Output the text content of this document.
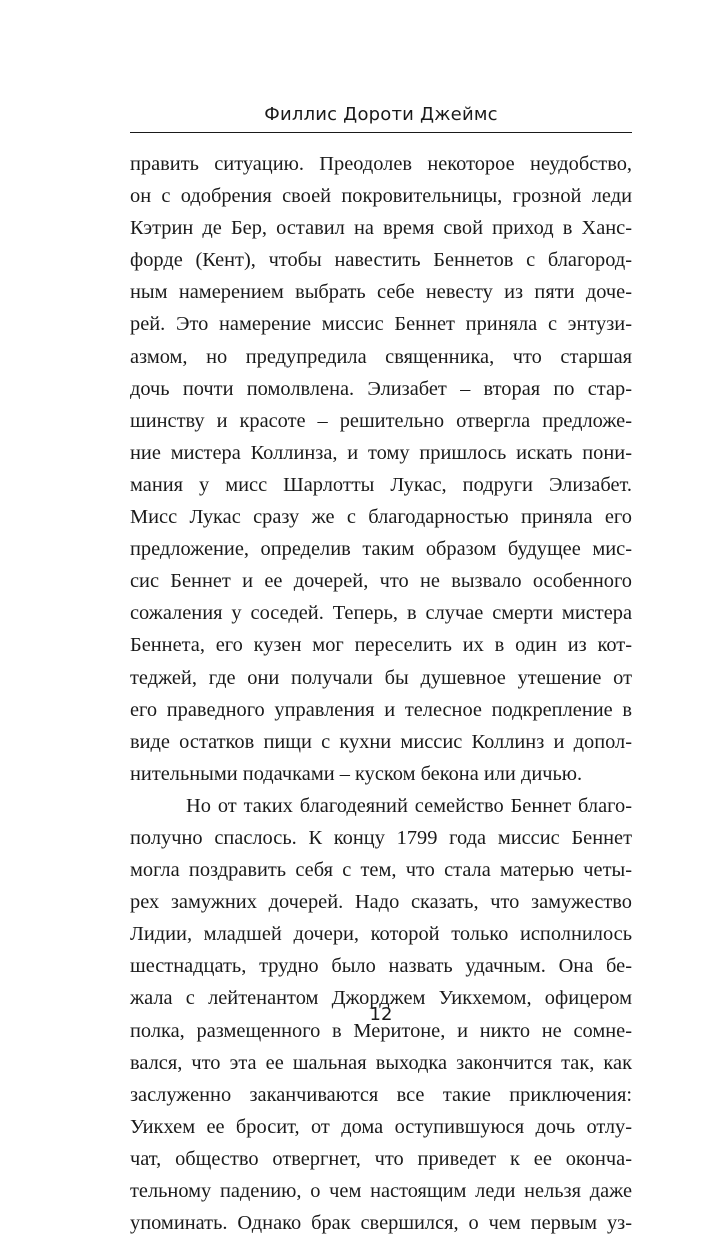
Филлис Дороти Джеймс
править ситуацию. Преодолев некоторое неудобство,
он с одобрения своей покровительницы, грозной леди
Кэтрин де Бер, оставил на время свой приход в Ханс-
форде (Кент), чтобы навестить Беннетов с благород-
ным намерением выбрать себе невесту из пяти доче-
рей. Это намерение миссис Беннет приняла с энтузи-
азмом, но предупредила священника, что старшая
дочь почти помолвлена. Элизабет – вторая по стар-
шинству и красоте – решительно отвергла предложе-
ние мистера Коллинза, и тому пришлось искать пони-
мания у мисс Шарлотты Лукас, подруги Элизабет.
Мисс Лукас сразу же с благодарностью приняла его
предложение, определив таким образом будущее мис-
сис Беннет и ее дочерей, что не вызвало особенного
сожаления у соседей. Теперь, в случае смерти мистера
Беннета, его кузен мог переселить их в один из кот-
теджей, где они получали бы душевное утешение от
его праведного управления и телесное подкрепление в
виде остатков пищи с кухни миссис Коллинз и допол-
нительными подачками – куском бекона или дичью.
Но от таких благодеяний семейство Беннет благо-
получно спаслось. К концу 1799 года миссис Беннет
могла поздравить себя с тем, что стала матерью четы-
рех замужних дочерей. Надо сказать, что замужество
Лидии, младшей дочери, которой только исполнилось
шестнадцать, трудно было назвать удачным. Она бе-
жала с лейтенантом Джорджем Уикхемом, офицером
полка, размещенного в Меритоне, и никто не сомне-
вался, что эта ее шальная выходка закончится так, как
заслуженно заканчиваются все такие приключения:
Уикхем ее бросит, от дома оступившуюся дочь отлу-
чат, общество отвергнет, что приведет к ее оконча-
тельному падению, о чем настоящим леди нельзя даже
упоминать. Однако брак свершился, о чем первым уз-
12
